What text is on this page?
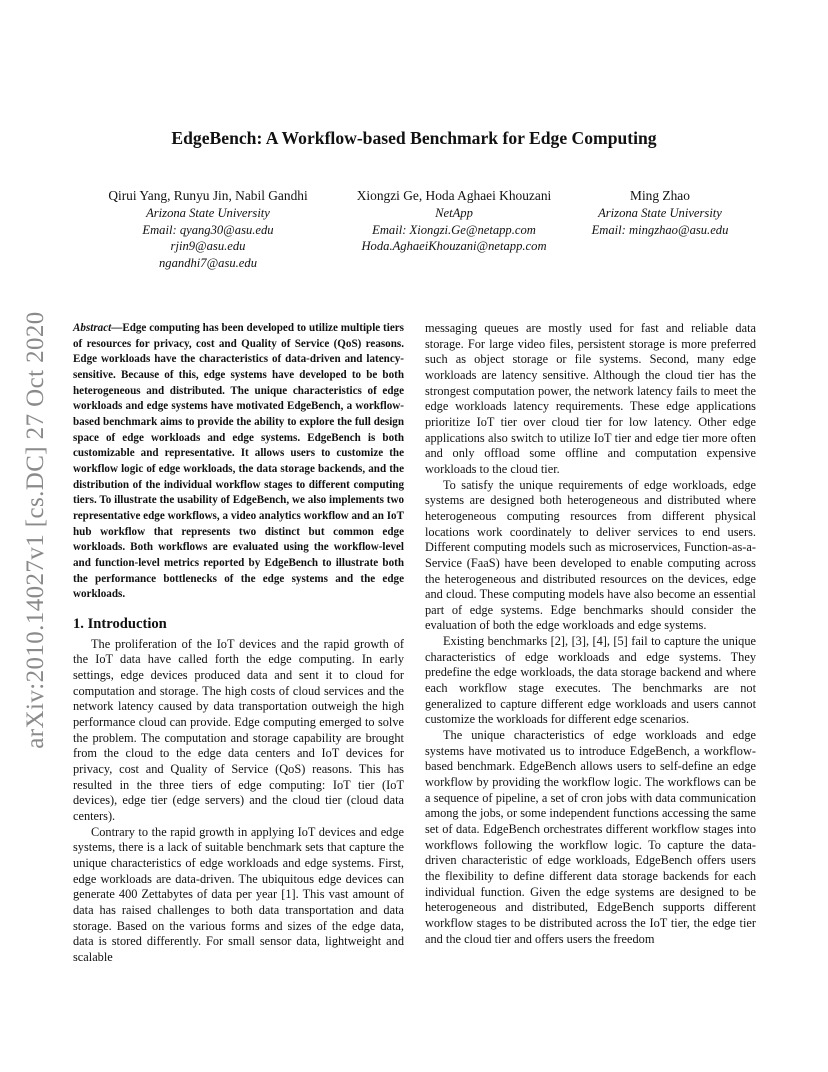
arXiv:2010.14027v1 [cs.DC] 27 Oct 2020
EdgeBench: A Workflow-based Benchmark for Edge Computing
Qirui Yang, Runyu Jin, Nabil Gandhi
Arizona State University
Email: qyang30@asu.edu
rjin9@asu.edu
ngandhi7@asu.edu
Xiongzi Ge, Hoda Aghaei Khouzani
NetApp
Email: Xiongzi.Ge@netapp.com
Hoda.AghaeiKhouzani@netapp.com
Ming Zhao
Arizona State University
Email: mingzhao@asu.edu

Abstract—Edge computing has been developed to utilize multiple tiers of resources for privacy, cost and Quality of Service (QoS) reasons. Edge workloads have the characteristics of data-driven and latency-sensitive. Because of this, edge systems have developed to be both heterogeneous and distributed. The unique characteristics of edge workloads and edge systems have motivated EdgeBench, a workflow-based benchmark aims to provide the ability to explore the full design space of edge workloads and edge systems. EdgeBench is both customizable and representative. It allows users to customize the workflow logic of edge workloads, the data storage backends, and the distribution of the individual workflow stages to different computing tiers. To illustrate the usability of EdgeBench, we also implements two representative edge workflows, a video analytics workflow and an IoT hub workflow that represents two distinct but common edge workloads. Both workflows are evaluated using the workflow-level and function-level metrics reported by EdgeBench to illustrate both the performance bottlenecks of the edge systems and the edge workloads.

1. Introduction

The proliferation of the IoT devices and the rapid growth of the IoT data have called forth the edge computing. In early settings, edge devices produced data and sent it to cloud for computation and storage. The high costs of cloud services and the network latency caused by data transportation outweigh the high performance cloud can provide. Edge computing emerged to solve the problem. The computation and storage capability are brought from the cloud to the edge data centers and IoT devices for privacy, cost and Quality of Service (QoS) reasons. This has resulted in the three tiers of edge computing: IoT tier (IoT devices), edge tier (edge servers) and the cloud tier (cloud data centers).

Contrary to the rapid growth in applying IoT devices and edge systems, there is a lack of suitable benchmark sets that capture the unique characteristics of edge workloads and edge systems. First, edge workloads are data-driven. The ubiquitous edge devices can generate 400 Zettabytes of data per year [1]. This vast amount of data has raised challenges to both data transportation and data storage. Based on the various forms and sizes of the edge data, data is stored differently. For small sensor data, lightweight and scalable

messaging queues are mostly used for fast and reliable data storage. For large video files, persistent storage is more preferred such as object storage or file systems. Second, many edge workloads are latency sensitive. Although the cloud tier has the strongest computation power, the network latency fails to meet the edge workloads latency requirements. These edge applications prioritize IoT tier over cloud tier for low latency. Other edge applications also switch to utilize IoT tier and edge tier more often and only offload some offline and computation expensive workloads to the cloud tier.

To satisfy the unique requirements of edge workloads, edge systems are designed both heterogeneous and distributed where heterogeneous computing resources from different physical locations work coordinately to deliver services to end users. Different computing models such as microservices, Function-as-a-Service (FaaS) have been developed to enable computing across the heterogeneous and distributed resources on the devices, edge and cloud. These computing models have also become an essential part of edge systems. Edge benchmarks should consider the evaluation of both the edge workloads and edge systems.

Existing benchmarks [2], [3], [4], [5] fail to capture the unique characteristics of edge workloads and edge systems. They predefine the edge workloads, the data storage backend and where each workflow stage executes. The benchmarks are not generalized to capture different edge workloads and users cannot customize the workloads for different edge scenarios.

The unique characteristics of edge workloads and edge systems have motivated us to introduce EdgeBench, a workflow-based benchmark. EdgeBench allows users to self-define an edge workflow by providing the workflow logic. The workflows can be a sequence of pipeline, a set of cron jobs with data communication among the jobs, or some independent functions accessing the same set of data. EdgeBench orchestrates different workflow stages into workflows following the workflow logic. To capture the data-driven characteristic of edge workloads, EdgeBench offers users the flexibility to define different data storage backends for each individual function. Given the edge systems are designed to be heterogeneous and distributed, EdgeBench supports different workflow stages to be distributed across the IoT tier, the edge tier and the cloud tier and offers users the freedom
